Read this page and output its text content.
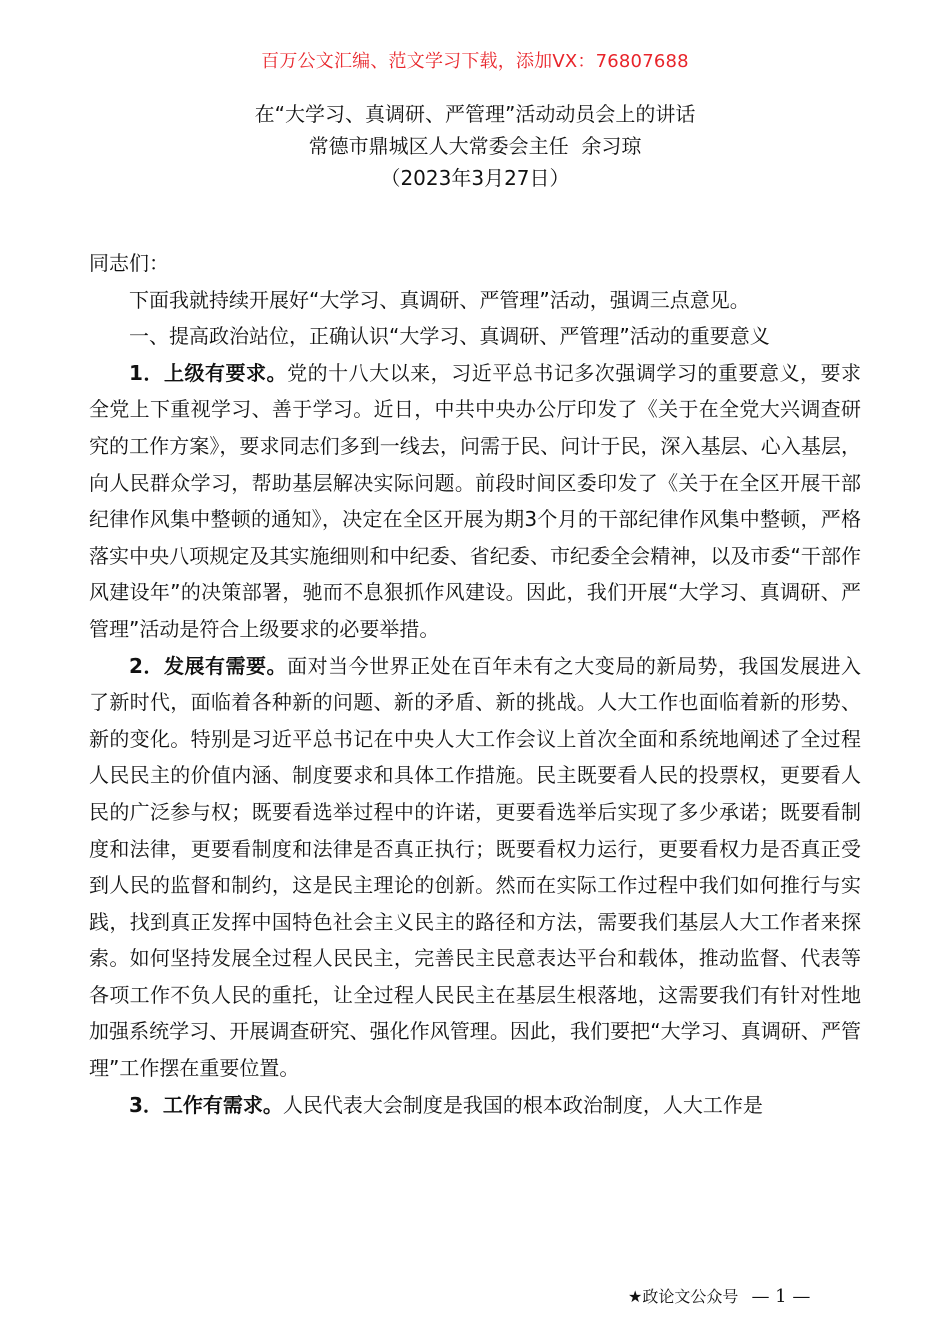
百万公文汇编、范文学习下载，添加VX：76807688
在“大学习、真调研、严管理”活动动员会上的讲话
常德市鼎城区人大常委会主任  余习琼
（2023年3月27日）

同志们：

下面我就持续开展好“大学习、真调研、严管理”活动，强调三点意见。

一、提高政治站位，正确认识“大学习、真调研、严管理”活动的重要意义

1．上级有要求。党的十八大以来，习近平总书记多次强调学习的重要意义，要求全党上下重视学习、善于学习。近日，中共中央办公厅印发了《关于在全党大兴调查研究的工作方案》，要求同志们多到一线去，问需于民、问计于民，深入基层、心入基层，向人民群众学习，帮助基层解决实际问题。前段时间区委印发了《关于在全区开展干部纪律作风集中整顿的通知》，决定在全区开展为期3个月的干部纪律作风集中整顿，严格落实中央八项规定及其实施细则和中纪委、省纪委、市纪委全会精神，以及市委“干部作风建设年”的决策部署，驰而不息狠抓作风建设。因此，我们开展“大学习、真调研、严管理”活动是符合上级要求的必要举措。

2．发展有需要。面对当今世界正处在百年未有之大变局的新局势，我国发展进入了新时代，面临着各种新的问题、新的矛盾、新的挑战。人大工作也面临着新的形势、新的变化。特别是习近平总书记在中央人大工作会议上首次全面和系统地阐述了全过程人民民主的价值内涵、制度要求和具体工作措施。民主既要看人民的投票权，更要看人民的广泛参与权；既要看选举过程中的许诺，更要看选举后实现了多少承诺；既要看制度和法律，更要看制度和法律是否真正执行；既要看权力运行，更要看权力是否真正受到人民的监督和制约，这是民主理论的创新。然而在实际工作过程中我们如何推行与实践，找到真正发挥中国特色社会主义民主的路径和方法，需要我们基层人大工作者来探索。如何坚持发展全过程人民民主，完善民主民意表达平台和载体，推动监督、代表等各项工作不负人民的重托，让全过程人民民主在基层生根落地，这需要我们有针对性地加强系统学习、开展调查研究、强化作风管理。因此，我们要把“大学习、真调研、严管理”工作摆在重要位置。

3．工作有需求。人民代表大会制度是我国的根本政治制度，人大工作是

★政论文公众号 — 1 —
